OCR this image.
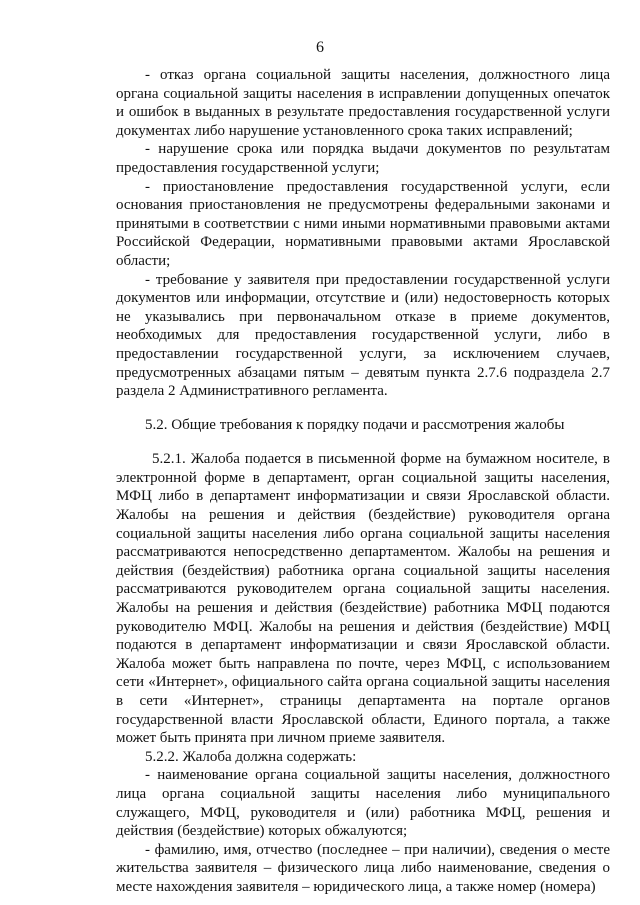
6

- отказ органа социальной защиты населения, должностного лица органа социальной защиты населения в исправлении допущенных опечаток и ошибок в выданных в результате предоставления государственной услуги документах либо нарушение установленного срока таких исправлений;

- нарушение срока или порядка выдачи документов по результатам предоставления государственной услуги;

- приостановление предоставления государственной услуги, если основания приостановления не предусмотрены федеральными законами и принятыми в соответствии с ними иными нормативными правовыми актами Российской Федерации, нормативными правовыми актами Ярославской области;

- требование у заявителя при предоставлении государственной услуги документов или информации, отсутствие и (или) недостоверность которых не указывались при первоначальном отказе в приеме документов, необходимых для предоставления государственной услуги, либо в предоставлении государственной услуги, за исключением случаев, предусмотренных абзацами пятым – девятым пункта 2.7.6 подраздела 2.7 раздела 2 Административного регламента.

5.2. Общие требования к порядку подачи и рассмотрения жалобы

5.2.1. Жалоба подается в письменной форме на бумажном носителе, в электронной форме в департамент, орган социальной защиты населения, МФЦ либо в департамент информатизации и связи Ярославской области. Жалобы на решения и действия (бездействие) руководителя органа социальной защиты населения либо органа социальной защиты населения рассматриваются непосредственно департаментом. Жалобы на решения и действия (бездействия) работника органа социальной защиты населения рассматриваются руководителем органа социальной защиты населения. Жалобы на решения и действия (бездействие) работника МФЦ подаются руководителю МФЦ. Жалобы на решения и действия (бездействие) МФЦ подаются в департамент информатизации и связи Ярославской области. Жалоба может быть направлена по почте, через МФЦ, с использованием сети «Интернет», официального сайта органа социальной защиты населения в сети «Интернет», страницы департамента на портале органов государственной власти Ярославской области, Единого портала, а также может быть принята при личном приеме заявителя.

5.2.2. Жалоба должна содержать:

- наименование органа социальной защиты населения, должностного лица органа социальной защиты населения либо муниципального служащего, МФЦ, руководителя и (или) работника МФЦ, решения и действия (бездействие) которых обжалуются;

- фамилию, имя, отчество (последнее – при наличии), сведения о месте жительства заявителя – физического лица либо наименование, сведения о месте нахождения заявителя – юридического лица, а также номер (номера)
